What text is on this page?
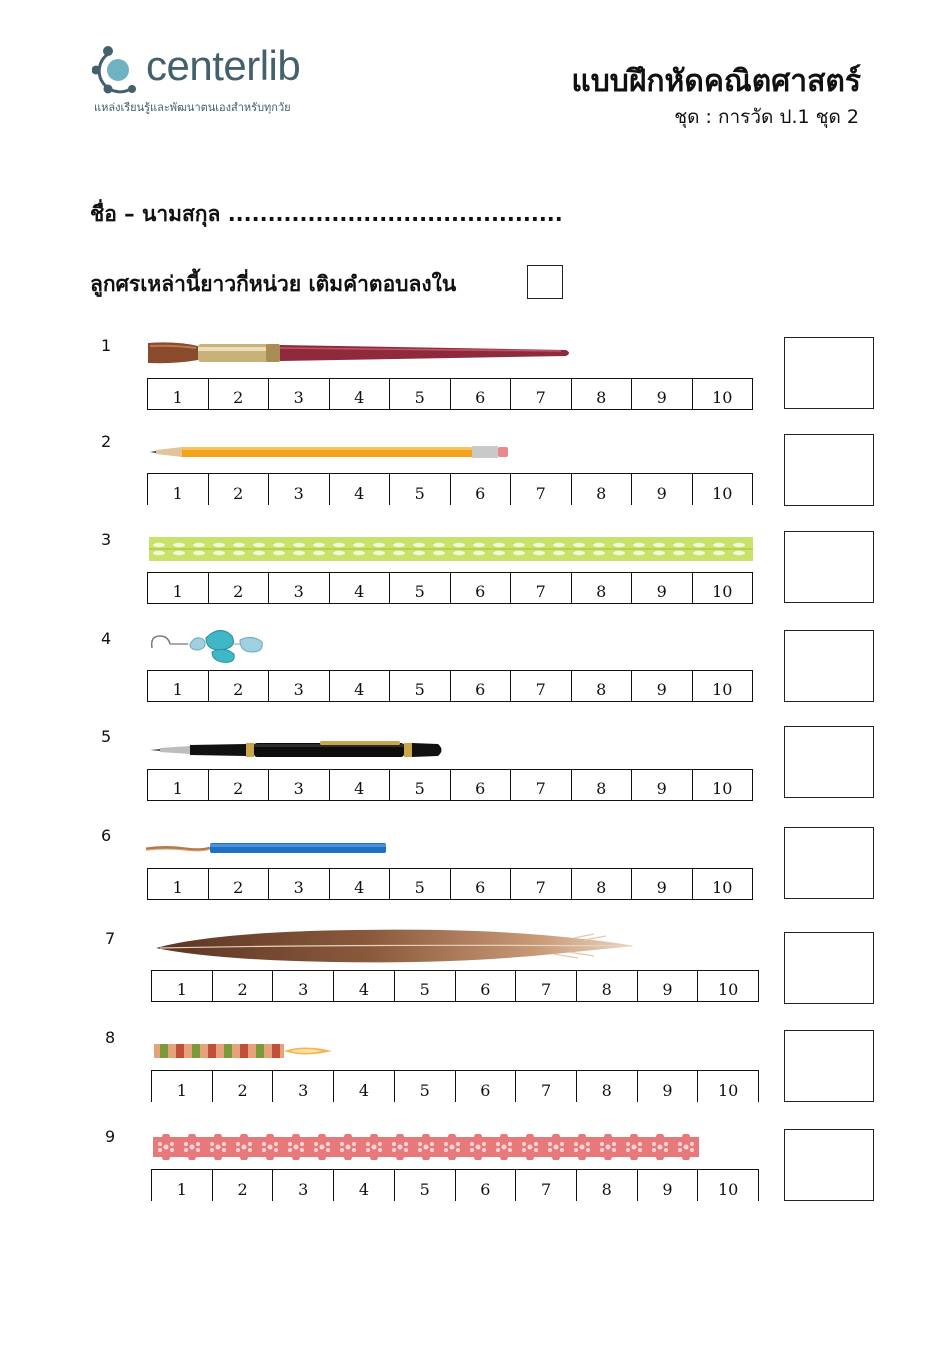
centerlib
แหล่งเรียนรู้และพัฒนาตนเองสำหรับทุกวัย
แบบฝึกหัดคณิตศาสตร์
ชุด : การวัด ป.1 ชุด 2
ชื่อ – นามสกุล ..........................................
ลูกศรเหล่านี้ยาวกี่หน่วย เติมคำตอบลงใน
1
1	2	3	4	5	6	7	8	9	10
2
1	2	3	4	5	6	7	8	9	10
3
1	2	3	4	5	6	7	8	9	10
4
1	2	3	4	5	6	7	8	9	10
5
1	2	3	4	5	6	7	8	9	10
6
1	2	3	4	5	6	7	8	9	10
7
1	2	3	4	5	6	7	8	9	10
8
1	2	3	4	5	6	7	8	9	10
9
1	2	3	4	5	6	7	8	9	10
